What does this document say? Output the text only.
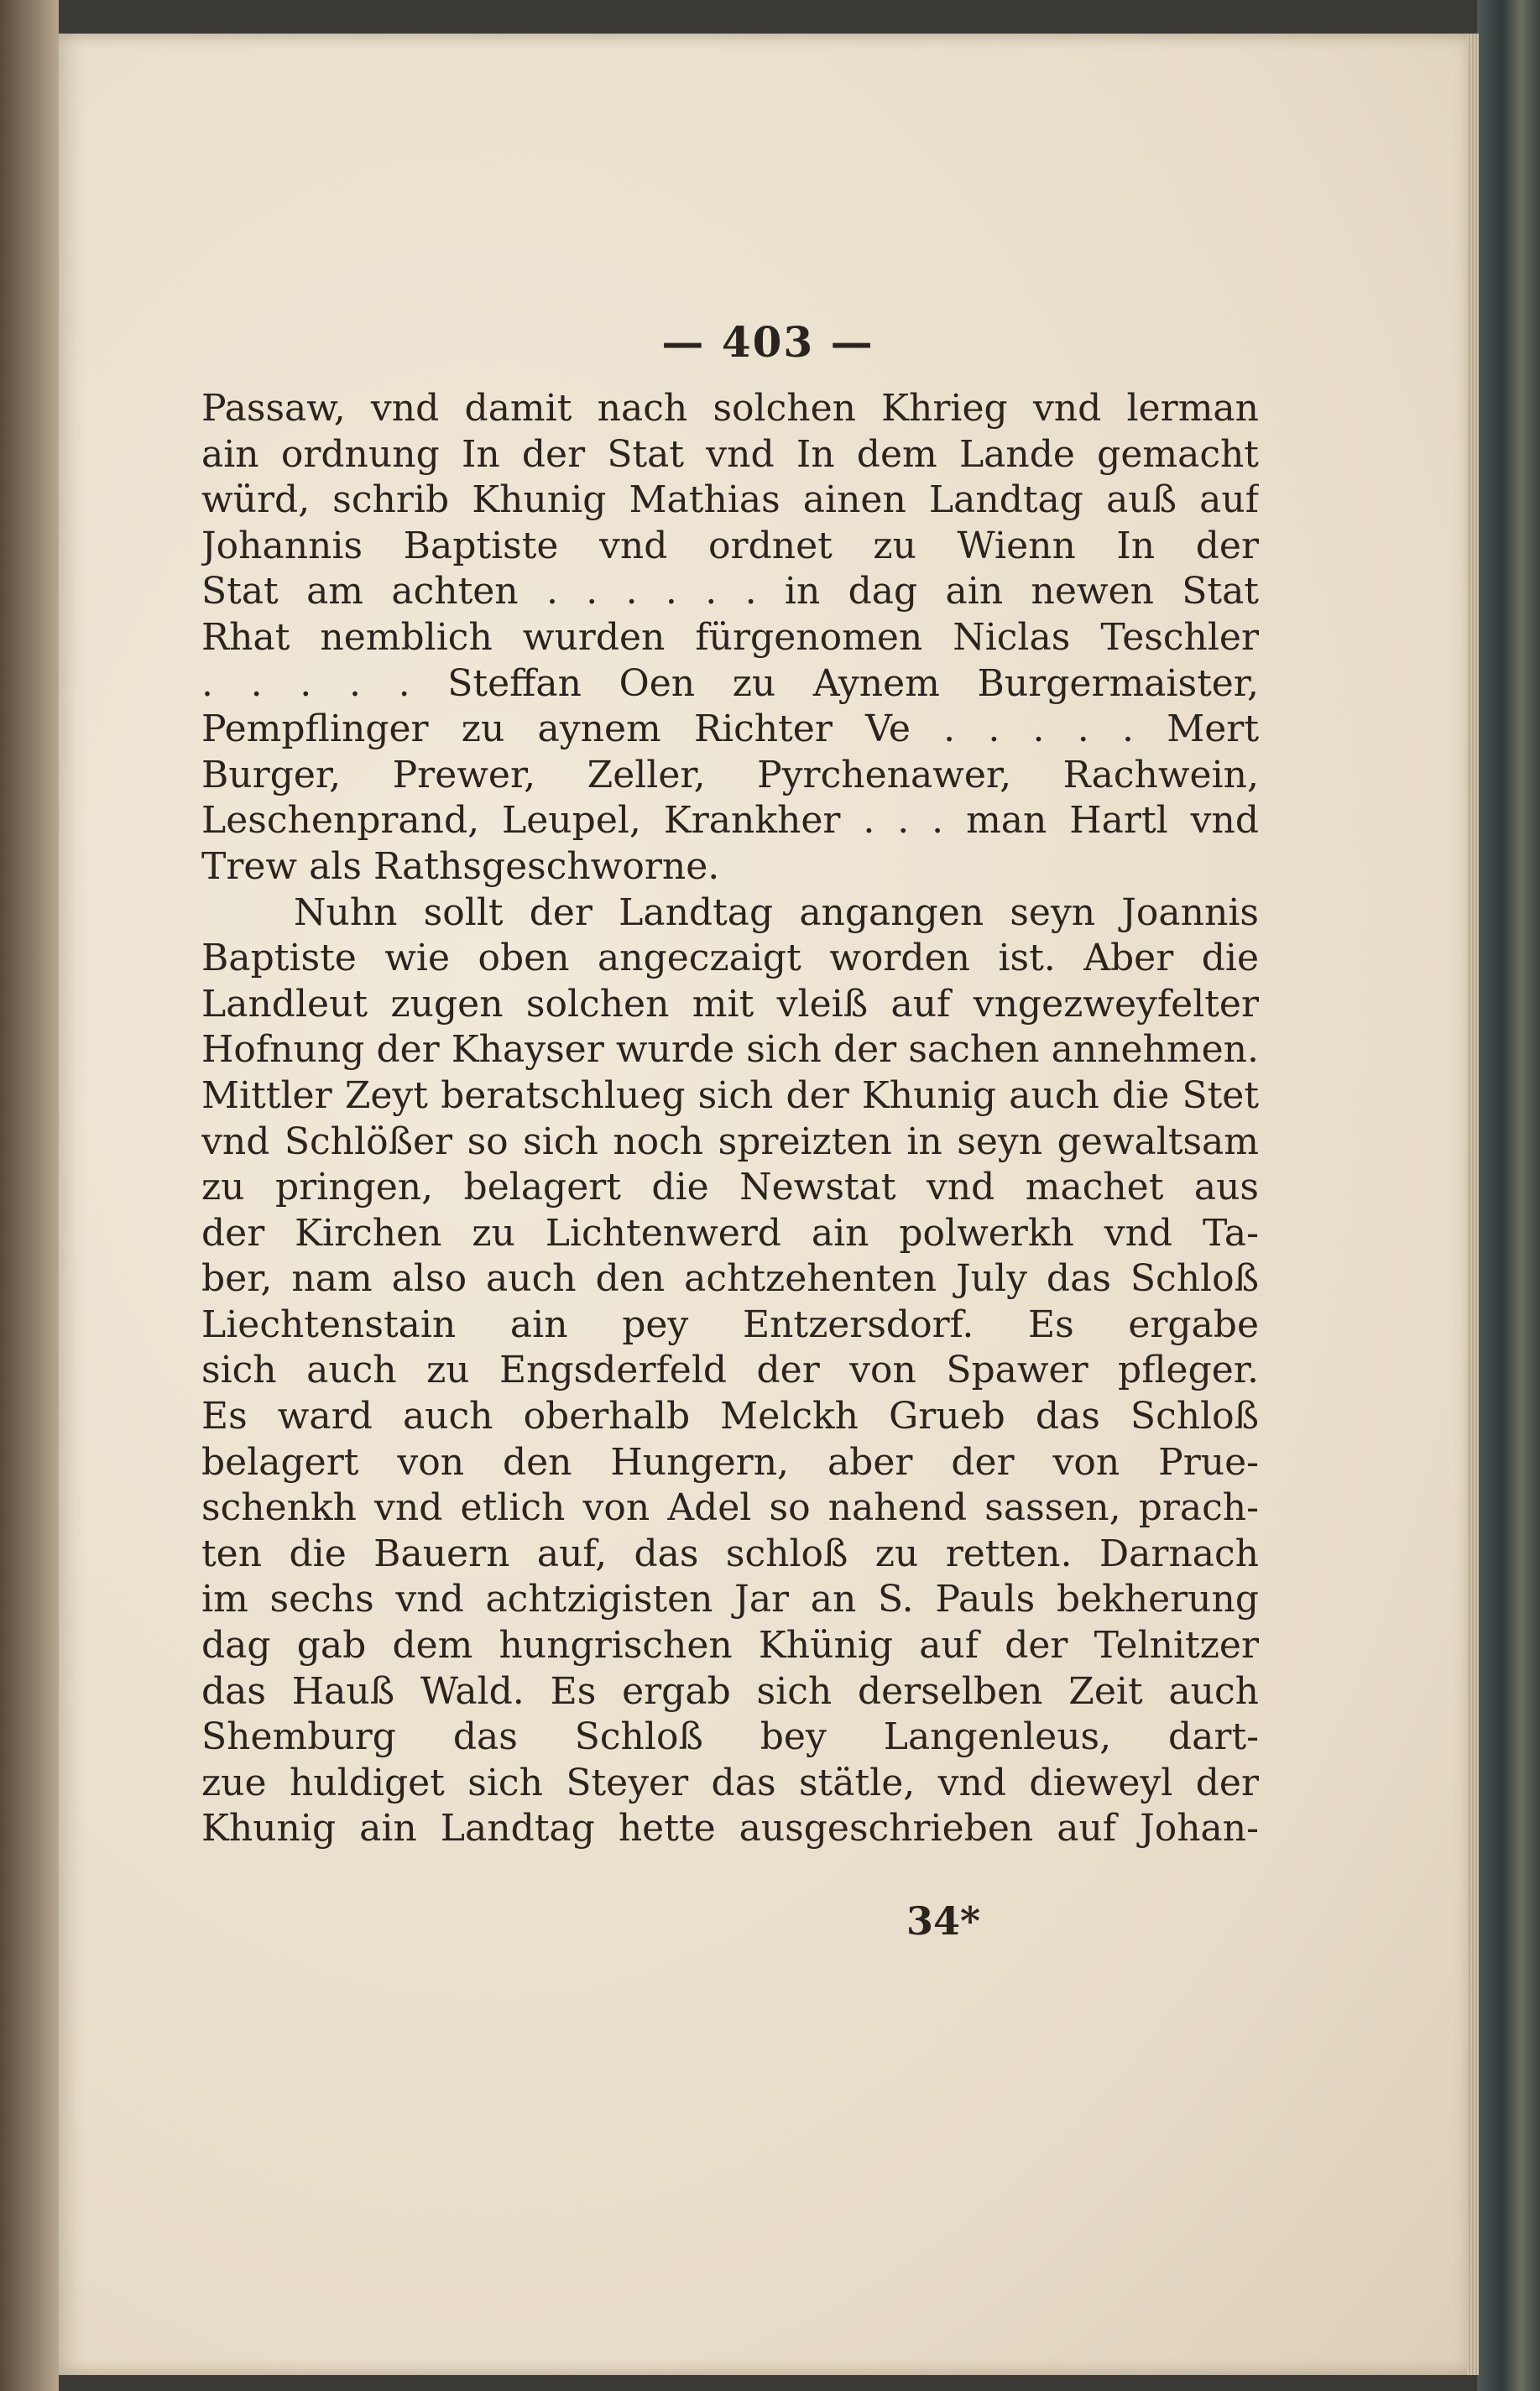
— 403 —
Passaw, vnd damit nach solchen Khrieg vnd lerman
ain ordnung In der Stat vnd In dem Lande gemacht
würd, schrib Khunig Mathias ainen Landtag auß auf
Johannis Baptiste vnd ordnet zu Wienn In der
Stat am achten . . . . . . in dag ain newen Stat
Rhat nemblich wurden fürgenomen Niclas Teschler
. . . . . Steffan Oen zu Aynem Burgermaister,
Pempflinger zu aynem Richter Ve . . . . . Mert
Burger, Prewer, Zeller, Pyrchenawer, Rachwein,
Leschenprand, Leupel, Krankher . . . man Hartl vnd
Trew als Rathsgeschworne.
Nuhn sollt der Landtag angangen seyn Joannis
Baptiste wie oben angeczaigt worden ist. Aber die
Landleut zugen solchen mit vleiß auf vngezweyfelter
Hofnung der Khayser wurde sich der sachen annehmen.
Mittler Zeyt beratschlueg sich der Khunig auch die Stet
vnd Schlößer so sich noch spreizten in seyn gewaltsam
zu pringen, belagert die Newstat vnd machet aus
der Kirchen zu Lichtenwerd ain polwerkh vnd Ta-
ber, nam also auch den achtzehenten July das Schloß
Liechtenstain ain pey Entzersdorf. Es ergabe
sich auch zu Engsderfeld der von Spawer pfleger.
Es ward auch oberhalb Melckh Grueb das Schloß
belagert von den Hungern, aber der von Prue-
schenkh vnd etlich von Adel so nahend sassen, prach-
ten die Bauern auf, das schloß zu retten. Darnach
im sechs vnd achtzigisten Jar an S. Pauls bekherung
dag gab dem hungrischen Khünig auf der Telnitzer
das Hauß Wald. Es ergab sich derselben Zeit auch
Shemburg das Schloß bey Langenleus, dart-
zue huldiget sich Steyer das stätle, vnd dieweyl der
Khunig ain Landtag hette ausgeschrieben auf Johan-
34*
